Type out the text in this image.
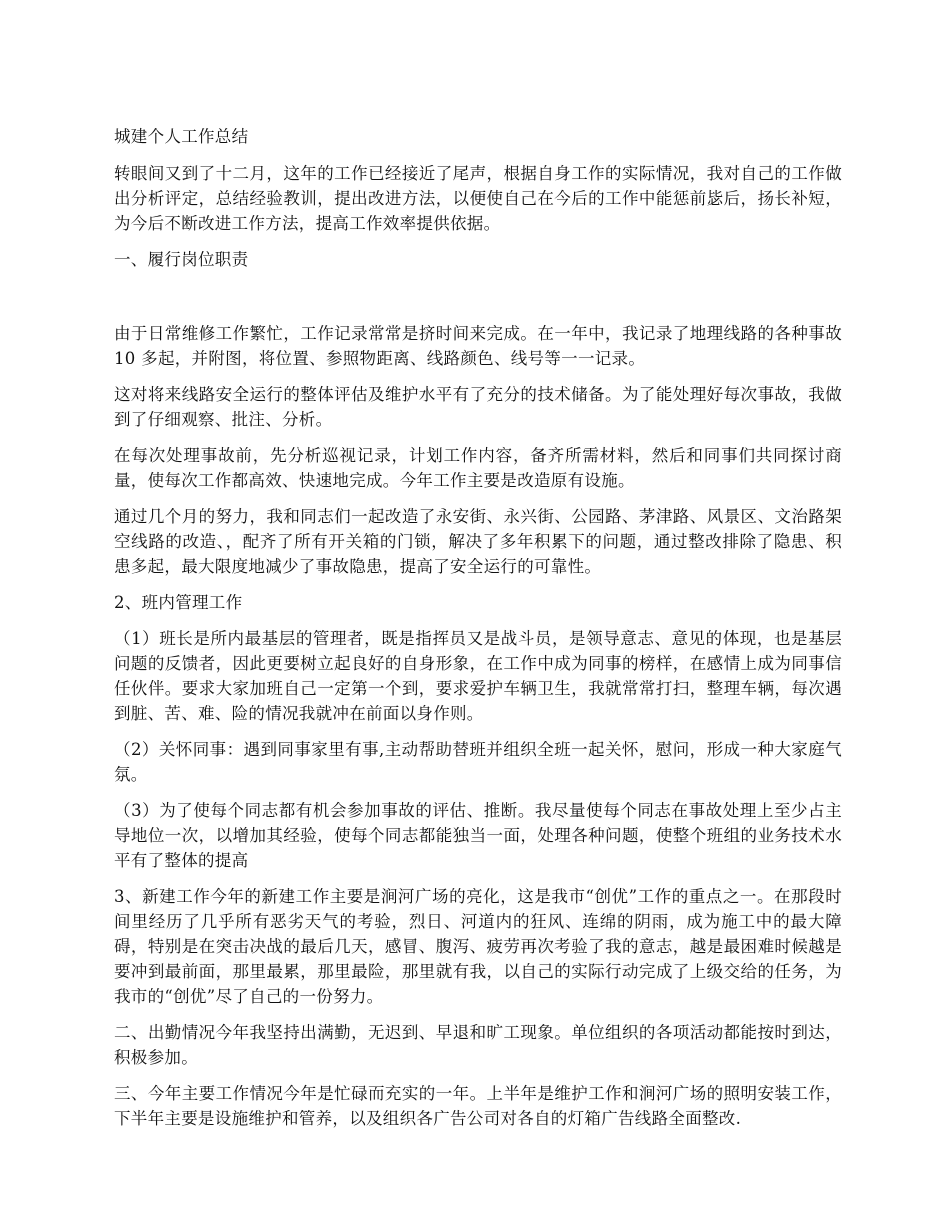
城建个人工作总结

转眼间又到了十二月，这年的工作已经接近了尾声，根据自身工作的实际情况，我对自己的工作做出分析评定，总结经验教训，提出改进方法，以便使自己在今后的工作中能惩前毖后，扬长补短，为今后不断改进工作方法，提高工作效率提供依据。

一、履行岗位职责

由于日常维修工作繁忙，工作记录常常是挤时间来完成。在一年中，我记录了地理线路的各种事故 10 多起，并附图，将位置、参照物距离、线路颜色、线号等一一记录。

这对将来线路安全运行的整体评估及维护水平有了充分的技术储备。为了能处理好每次事故，我做到了仔细观察、批注、分析。

在每次处理事故前，先分析巡视记录，计划工作内容，备齐所需材料，然后和同事们共同探讨商量，使每次工作都高效、快速地完成。今年工作主要是改造原有设施。

通过几个月的努力，我和同志们一起改造了永安街、永兴街、公园路、茅津路、风景区、文治路架空线路的改造、，配齐了所有开关箱的门锁，解决了多年积累下的问题，通过整改排除了隐患、积患多起，最大限度地减少了事故隐患，提高了安全运行的可靠性。

2、班内管理工作

（1）班长是所内最基层的管理者，既是指挥员又是战斗员，是领导意志、意见的体现，也是基层问题的反馈者，因此更要树立起良好的自身形象，在工作中成为同事的榜样，在感情上成为同事信任伙伴。要求大家加班自己一定第一个到，要求爱护车辆卫生，我就常常打扫，整理车辆，每次遇到脏、苦、难、险的情况我就冲在前面以身作则。

（2）关怀同事：遇到同事家里有事,主动帮助替班并组织全班一起关怀，慰问，形成一种大家庭气氛。

（3）为了使每个同志都有机会参加事故的评估、推断。我尽量使每个同志在事故处理上至少占主导地位一次，以增加其经验，使每个同志都能独当一面，处理各种问题，使整个班组的业务技术水平有了整体的提高

3、新建工作今年的新建工作主要是涧河广场的亮化，这是我市“创优”工作的重点之一。在那段时间里经历了几乎所有恶劣天气的考验，烈日、河道内的狂风、连绵的阴雨，成为施工中的最大障碍，特别是在突击决战的最后几天，感冒、腹泻、疲劳再次考验了我的意志，越是最困难时候越是要冲到最前面，那里最累，那里最险，那里就有我，以自己的实际行动完成了上级交给的任务，为我市的“创优”尽了自己的一份努力。

二、出勤情况今年我坚持出满勤，无迟到、早退和旷工现象。单位组织的各项活动都能按时到达，积极参加。

三、今年主要工作情况今年是忙碌而充实的一年。上半年是维护工作和涧河广场的照明安装工作，下半年主要是设施维护和管养，以及组织各广告公司对各自的灯箱广告线路全面整改.
